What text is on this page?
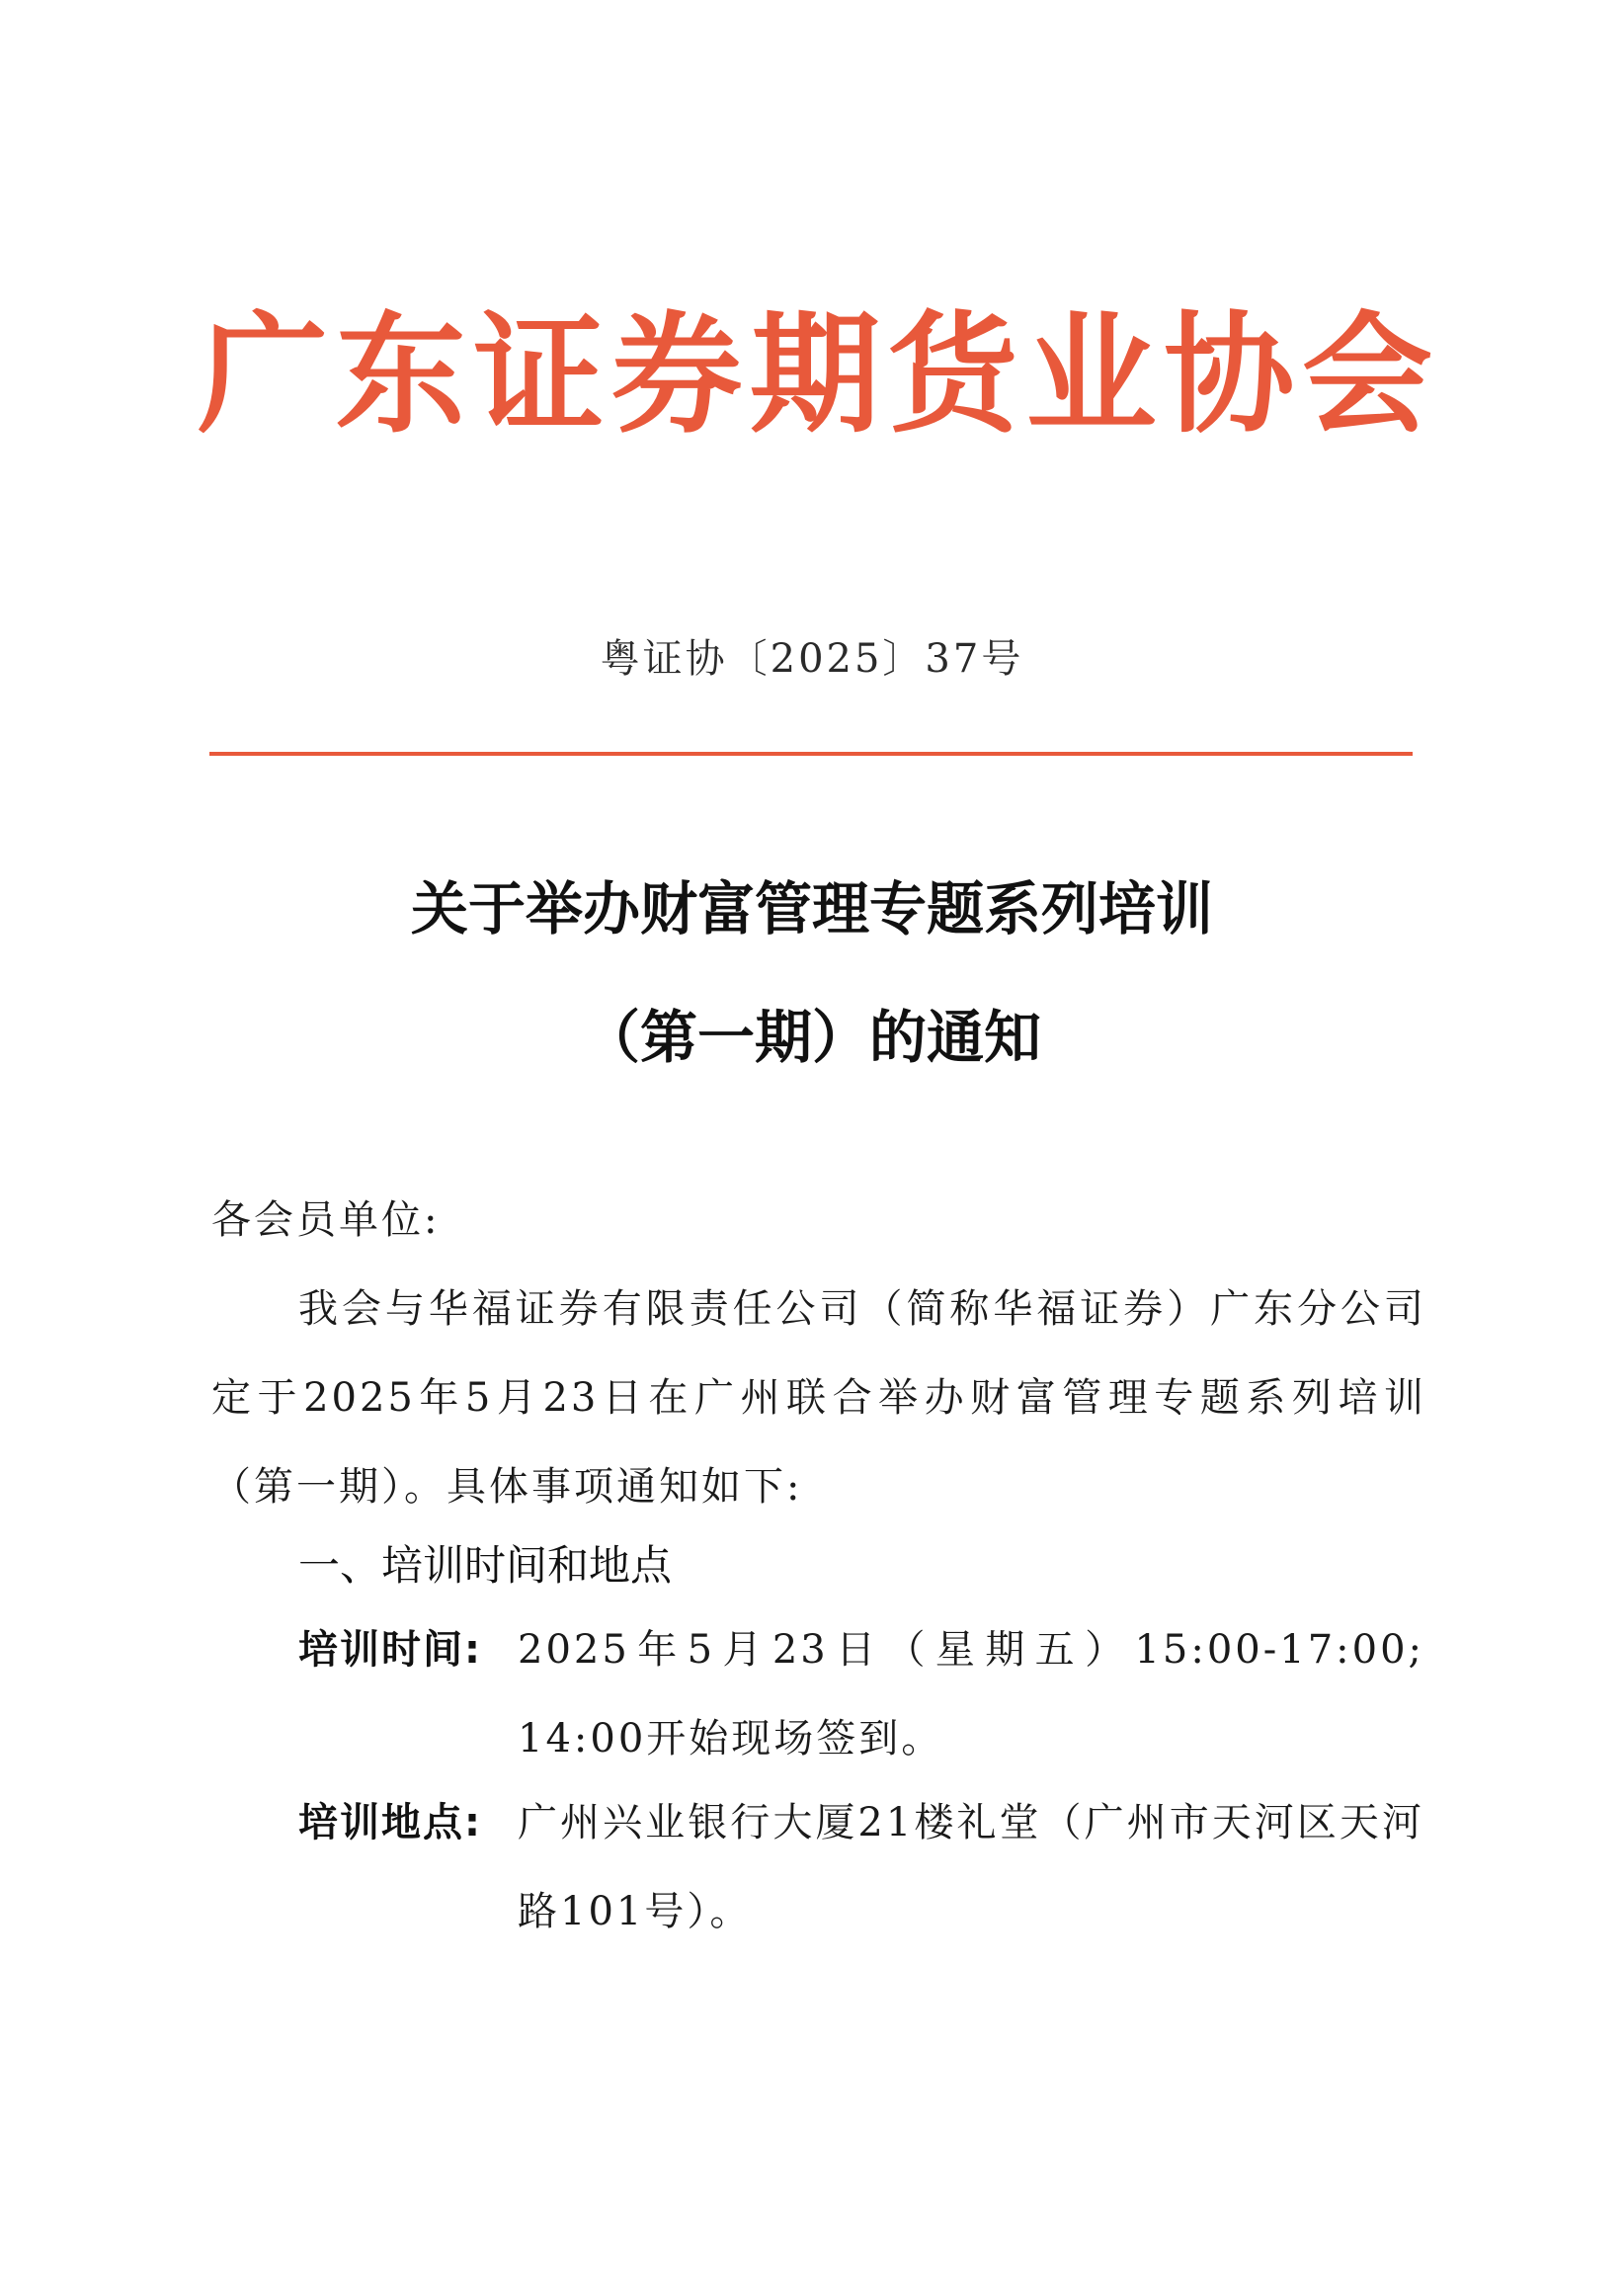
广 东 证 券 期 货 业 协 会
粤证协〔2025〕37号
关于举办财富管理专题系列培训
（第一期）的通知
各会员单位:
我会与华福证券有限责任公司（简称华福证券）广东分公司定于2025年5月23日在广州联合举办财富管理专题系列培训（第一期）。具体事项通知如下:
一、培训时间和地点
培训时间: 2025年5月23日（星期五）15:00-17:00; 14:00开始现场签到。
培训地点: 广州兴业银行大厦21楼礼堂（广州市天河区天河路101号）。
